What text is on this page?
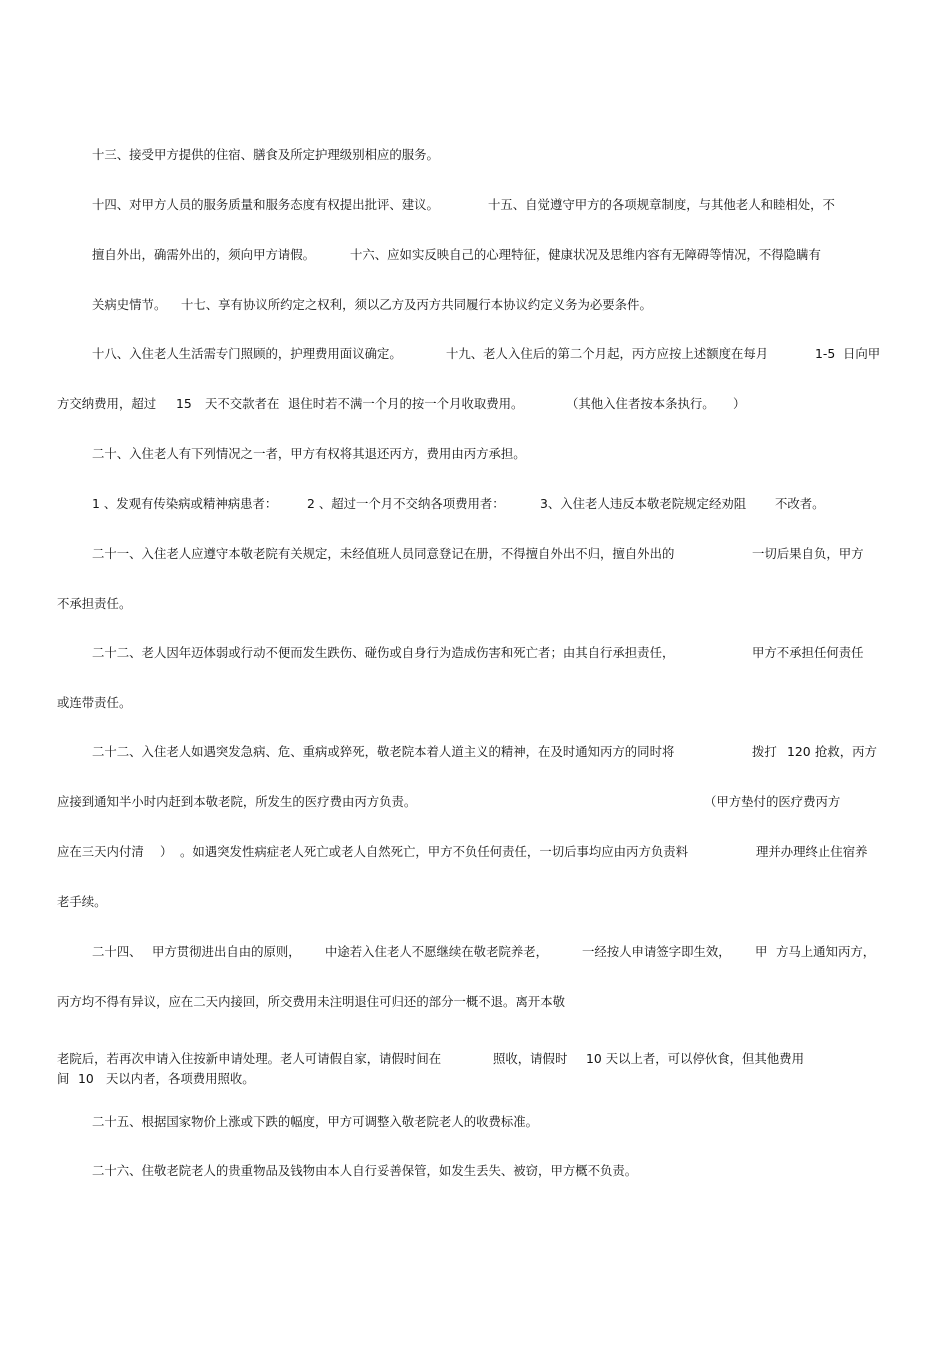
十三、接受甲方提供的住宿、膳食及所定护理级别相应的服务。

十四、对甲方人员的服务质量和服务态度有权提出批评、建议。	十五、自觉遵守甲方的各项规章制度，与其他老人和睦相处，不

擅自外出，确需外出的，须向甲方请假。	十六、应如实反映自己的心理特征，健康状况及思维内容有无障碍等情况，不得隐瞒有

关病史情节。 十七、享有协议所约定之权利，须以乙方及丙方共同履行本协议约定义务为必要条件。

十八、入住老人生活需专门照顾的，护理费用面议确定。	十九、老人入住后的第二个月起，丙方应按上述额度在每月	1-5 日向甲

方交纳费用，超过 15 天不交款者在 退住时若不满一个月的按一个月收取费用。	（其他入住者按本条执行。 ）

二十、入住老人有下列情况之一者，甲方有权将其退还丙方，费用由丙方承担。

1 、发观有传染病或精神病患者： 2 、超过一个月不交纳各项费用者：	3、入住老人违反本敬老院规定经劝阻 不改者。

二十一、入住老人应遵守本敬老院有关规定，未经值班人员同意登记在册，不得擅自外出不归，擅自外出的	一切后果自负，甲方

不承担责任。

二十二、老人因年迈体弱或行动不便而发生跌伤、碰伤或自身行为造成伤害和死亡者；由其自行承担责任，	甲方不承担任何责任

或连带责任。

二十二、入住老人如遇突发急病、危、重病或猝死，敬老院本着人道主义的精神，在及时通知丙方的同时将	拨打 120 抢救，丙方

应接到通知半小时内赶到本敬老院，所发生的医疗费由丙方负责。	（甲方垫付的医疗费丙方

应在三天内付清 ） 。如遇突发性病症老人死亡或老人自然死亡，甲方不负任何责任，一切后事均应由丙方负责料	理并办理终止住宿养

老手续。

二十四、 甲方贯彻进出自由的原则， 中途若入住老人不愿继续在敬老院养老，	一经按人申请签字即生效， 甲 方马上通知丙方，

丙方均不得有异议，应在二天内接回，所交费用未注明退住可归还的部分一概不退。离开本敬

老院后，若再次申请入住按新申请处理。老人可请假自家，请假时间在	照收，请假时 10 天以上者，可以停伙食，但其他费用

间 10 天以内者，各项费用照收。

二十五、根据国家物价上涨或下跌的幅度，甲方可调整入敬老院老人的收费标准。

二十六、住敬老院老人的贵重物品及钱物由本人自行妥善保管，如发生丢失、被窃，甲方概不负责。
